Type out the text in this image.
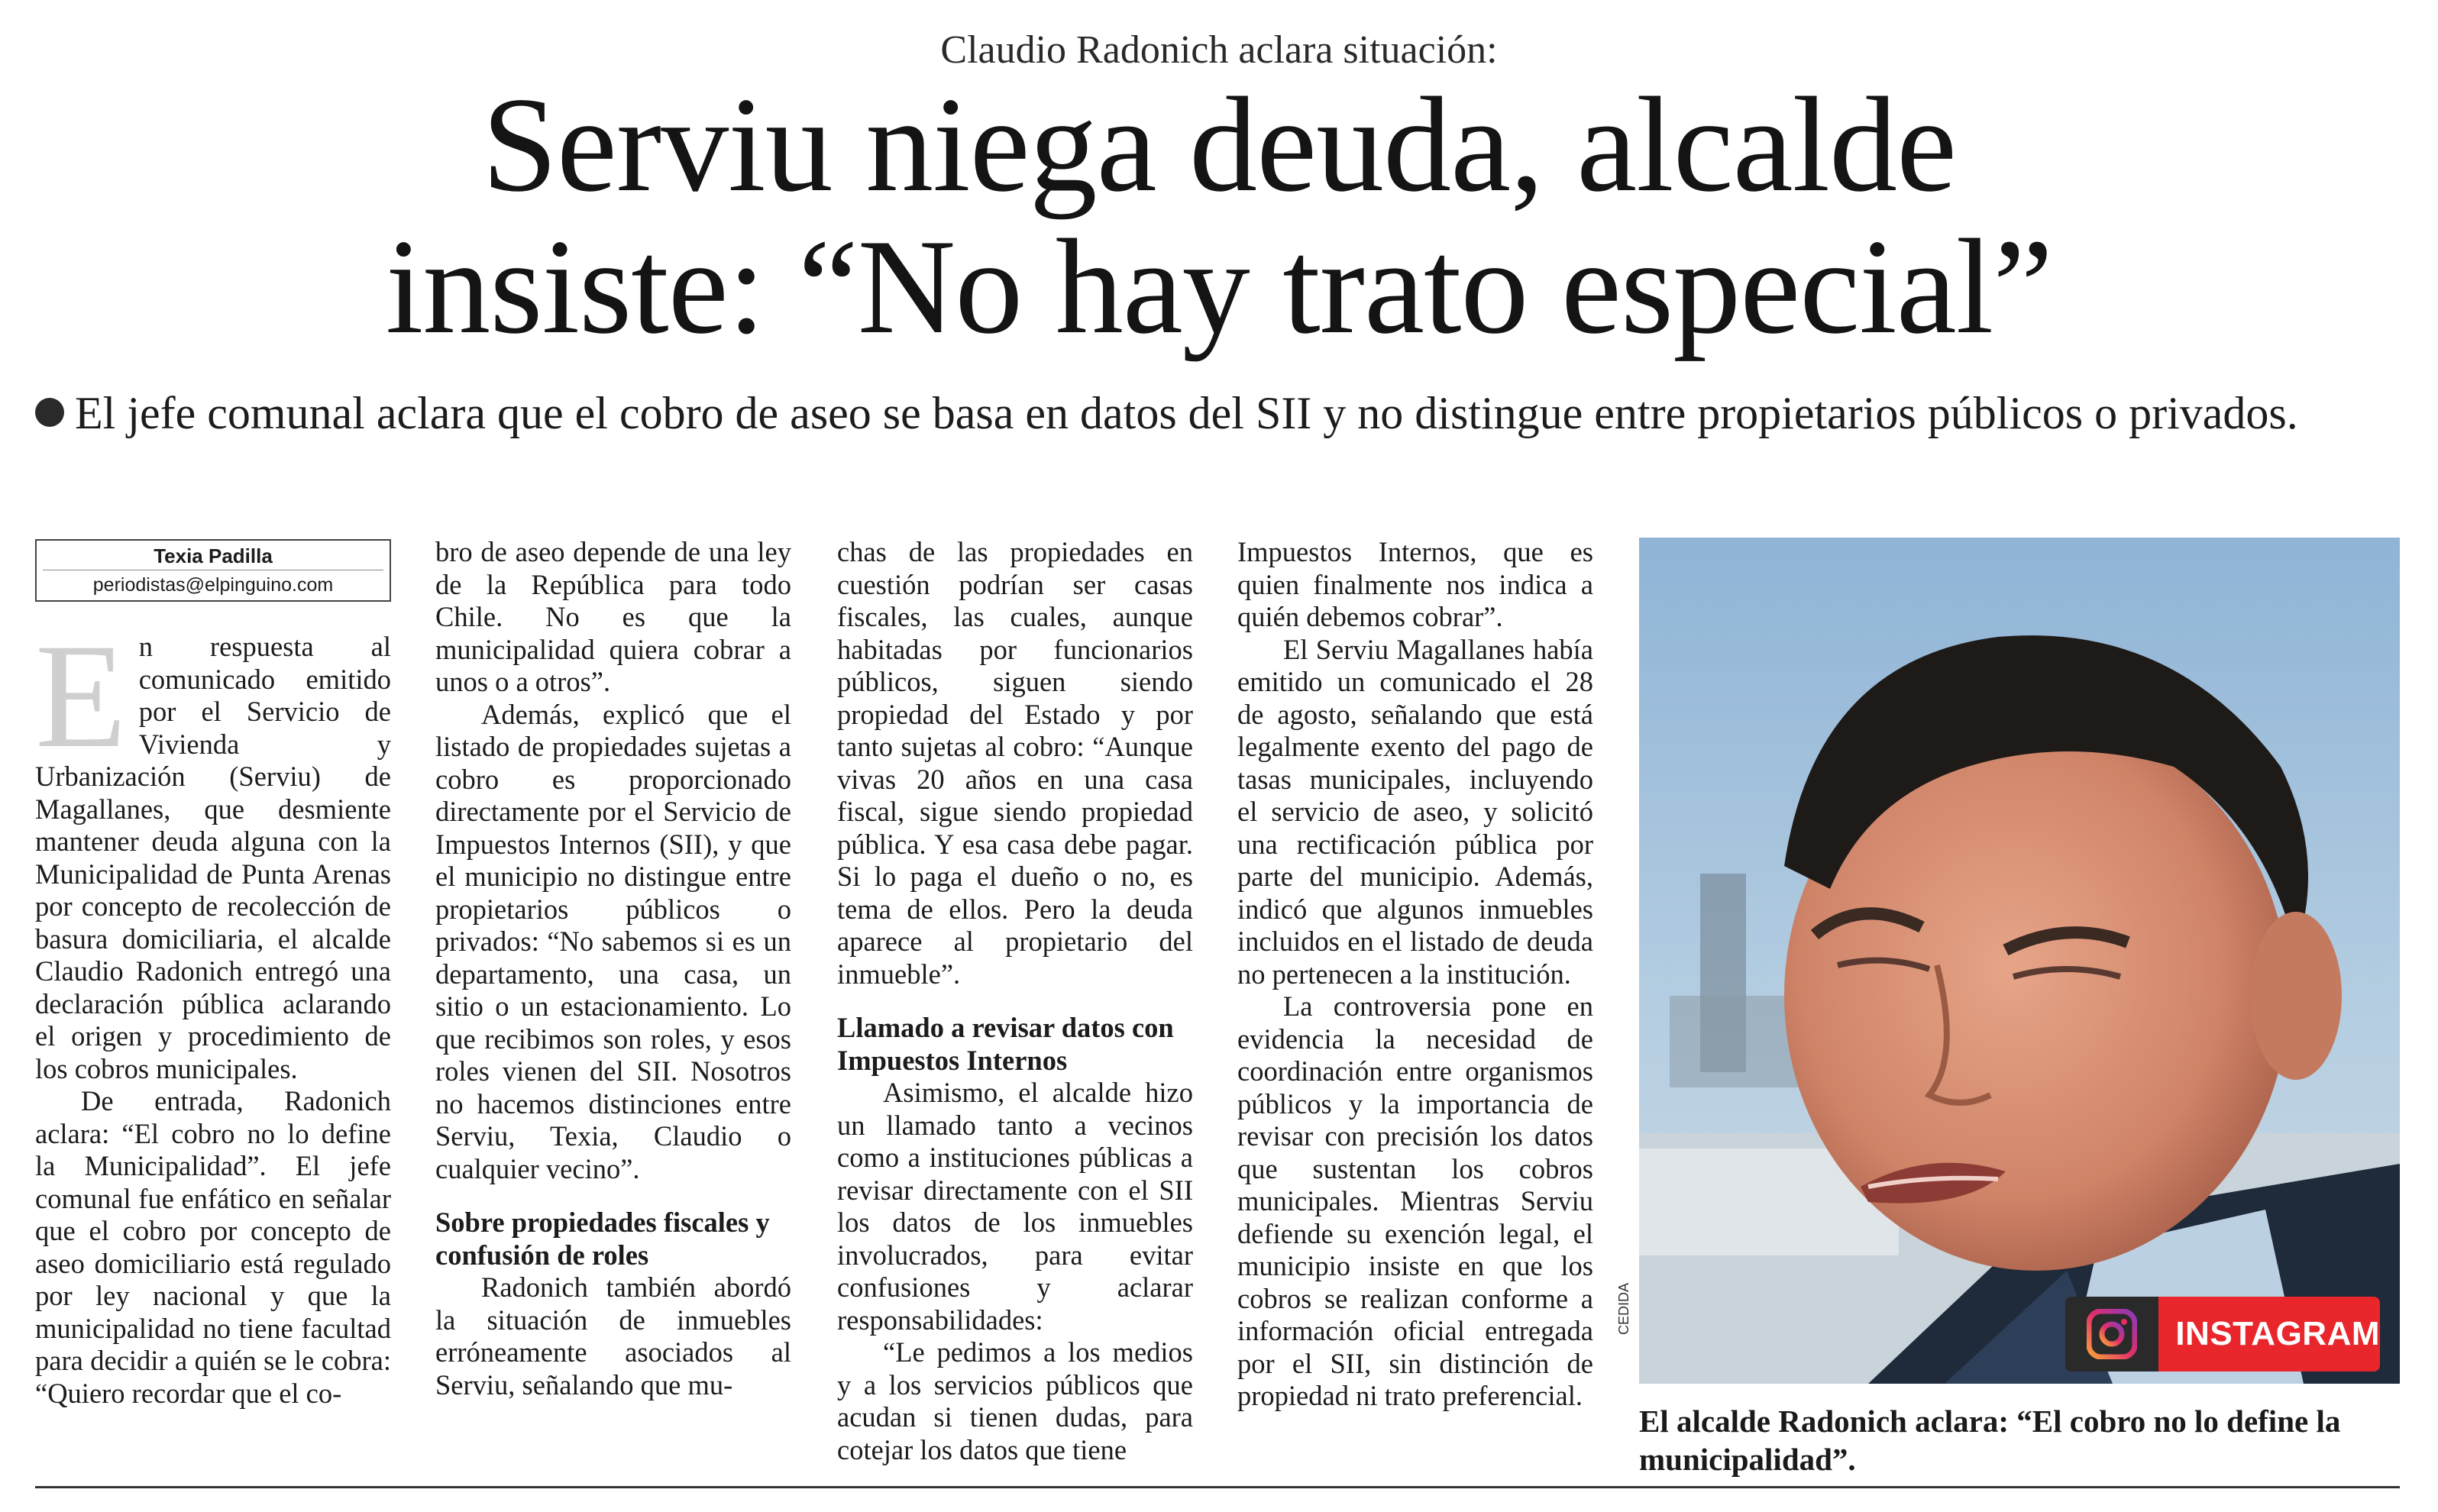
Claudio Radonich aclara situación:
Serviu niega deuda, alcalde
insiste: “No hay trato especial”
El jefe comunal aclara que el cobro de aseo se basa en datos del SII y no distingue entre propietarios públicos o privados.
Texia Padilla
periodistas@elpinguino.com
E n respuesta al comunicado emitido por el Servicio de Vivienda y Urbanización (Serviu) de Magallanes, que desmiente mantener deuda alguna con la Municipalidad de Punta Arenas por concepto de recolección de basura domiciliaria, el alcalde Claudio Radonich entregó una declaración pública aclarando el origen y procedimiento de los cobros municipales.

De entrada, Radonich aclara: “El cobro no lo define la Municipalidad”. El jefe comunal fue enfático en señalar que el cobro por concepto de aseo domiciliario está regulado por ley nacional y que la municipalidad no tiene facultad para decidir a quién se le cobra: “Quiero recordar que el co-

bro de aseo depende de una ley de la República para todo Chile. No es que la municipalidad quiera cobrar a unos o a otros”.

Además, explicó que el listado de propiedades sujetas a cobro es proporcionado directamente por el Servicio de Impuestos Internos (SII), y que el municipio no distingue entre propietarios públicos o privados: “No sabemos si es un departamento, una casa, un sitio o un estacionamiento. Lo que recibimos son roles, y esos roles vienen del SII. Nosotros no hacemos distinciones entre Serviu, Texia, Claudio o cualquier vecino”.

Sobre propiedades fiscales y confusión de roles

Radonich también abordó la situación de inmuebles erróneamente asociados al Serviu, señalando que mu-

chas de las propiedades en cuestión podrían ser casas fiscales, las cuales, aunque habitadas por funcionarios públicos, siguen siendo propiedad del Estado y por tanto sujetas al cobro: “Aunque vivas 20 años en una casa fiscal, sigue siendo propiedad pública. Y esa casa debe pagar. Si lo paga el dueño o no, es tema de ellos. Pero la deuda aparece al propietario del inmueble”.

Llamado a revisar datos con Impuestos Internos

Asimismo, el alcalde hizo un llamado tanto a vecinos como a instituciones públicas a revisar directamente con el SII los datos de los inmuebles involucrados, para evitar confusiones y aclarar responsabilidades:

“Le pedimos a los medios y a los servicios públicos que acudan si tienen dudas, para cotejar los datos que tiene

Impuestos Internos, que es quien finalmente nos indica a quién debemos cobrar”.

El Serviu Magallanes había emitido un comunicado el 28 de agosto, señalando que está legalmente exento del pago de tasas municipales, incluyendo el servicio de aseo, y solicitó una rectificación pública por parte del municipio. Además, indicó que algunos inmuebles incluidos en el listado de deuda no pertenecen a la institución.

La controversia pone en evidencia la necesidad de coordinación entre organismos públicos y la importancia de revisar con precisión los datos que sustentan los cobros municipales. Mientras Serviu defiende su exención legal, el municipio insiste en que los cobros se realizan conforme a información oficial entregada por el SII, sin distinción de propiedad ni trato preferencial.

CEDIDA	INSTAGRAM
El alcalde Radonich aclara: “El cobro no lo define la municipalidad”.
